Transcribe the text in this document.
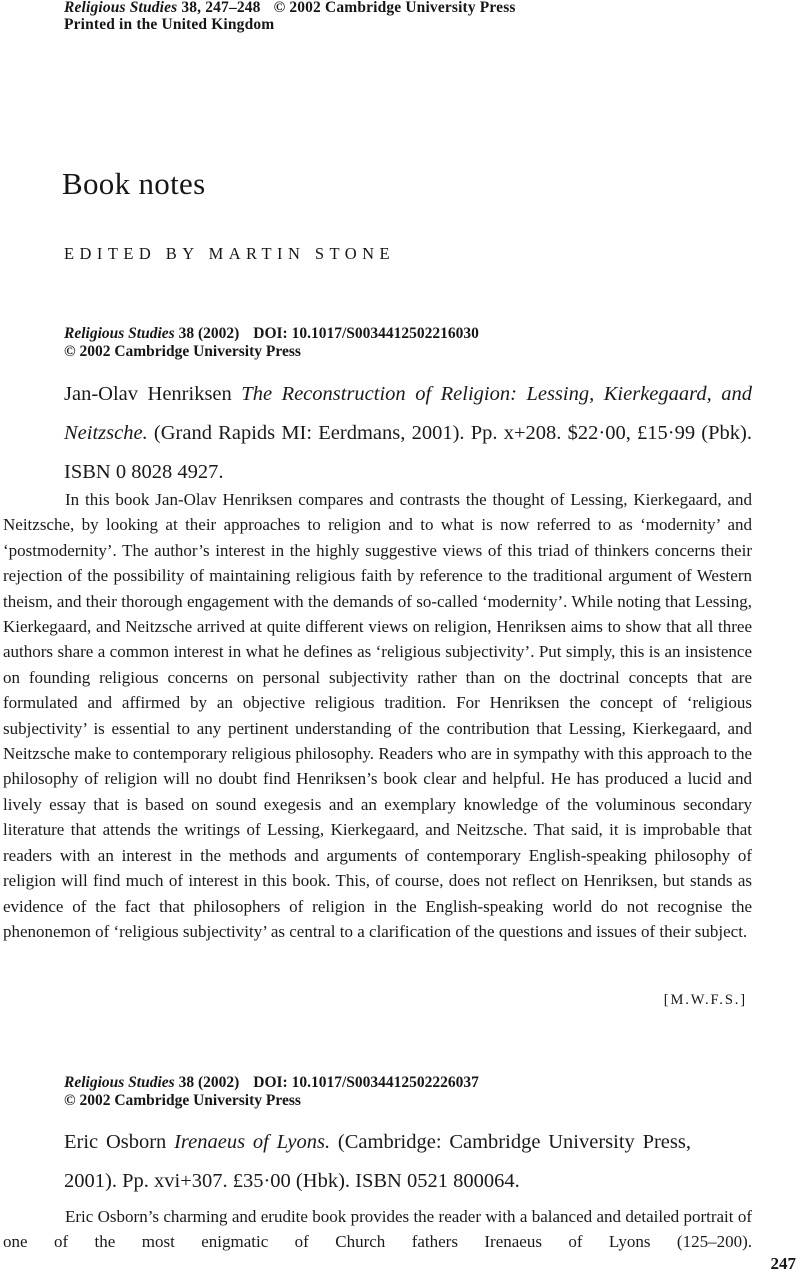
Religious Studies 38, 247–248 © 2002 Cambridge University Press
Printed in the United Kingdom
Book notes
EDITED BY MARTIN STONE
Religious Studies 38 (2002) DOI: 10.1017/S0034412502216030
© 2002 Cambridge University Press
Jan-Olav Henriksen The Reconstruction of Religion: Lessing, Kierkegaard, and Neitzsche. (Grand Rapids MI: Eerdmans, 2001). Pp. x+208. $22·00, £15·99 (Pbk). ISBN 0 8028 4927.

In this book Jan-Olav Henriksen compares and contrasts the thought of Lessing, Kierkegaard, and Neitzsche, by looking at their approaches to religion and to what is now referred to as ‘modernity’ and ‘postmodernity’. The author’s interest in the highly suggestive views of this triad of thinkers concerns their rejection of the possibility of maintaining religious faith by reference to the traditional argument of Western theism, and their thorough engagement with the demands of so-called ‘modernity’. While noting that Lessing, Kierkegaard, and Neitzsche arrived at quite different views on religion, Henriksen aims to show that all three authors share a common interest in what he defines as ‘religious subjectivity’. Put simply, this is an insistence on founding religious concerns on personal subjectivity rather than on the doctrinal concepts that are formulated and affirmed by an objective religious tradition. For Henriksen the concept of ‘religious subjectivity’ is essential to any pertinent understanding of the contribution that Lessing, Kierkegaard, and Neitzsche make to contemporary religious philosophy. Readers who are in sympathy with this approach to the philosophy of religion will no doubt find Henriksen’s book clear and helpful. He has produced a lucid and lively essay that is based on sound exegesis and an exemplary knowledge of the voluminous secondary literature that attends the writings of Lessing, Kierkegaard, and Neitzsche. That said, it is improbable that readers with an interest in the methods and arguments of contemporary English-speaking philosophy of religion will find much of interest in this book. This, of course, does not reflect on Henriksen, but stands as evidence of the fact that philosophers of religion in the English-speaking world do not recognise the phenonemon of ‘religious subjectivity’ as central to a clarification of the questions and issues of their subject.

[M.W.F.S.]
Religious Studies 38 (2002) DOI: 10.1017/S0034412502226037
© 2002 Cambridge University Press
Eric Osborn Irenaeus of Lyons. (Cambridge: Cambridge University Press, 2001). Pp. xvi+307. £35·00 (Hbk). ISBN 0521 800064.

Eric Osborn’s charming and erudite book provides the reader with a balanced and detailed portrait of one of the most enigmatic of Church fathers Irenaeus of Lyons (125–200).

247
